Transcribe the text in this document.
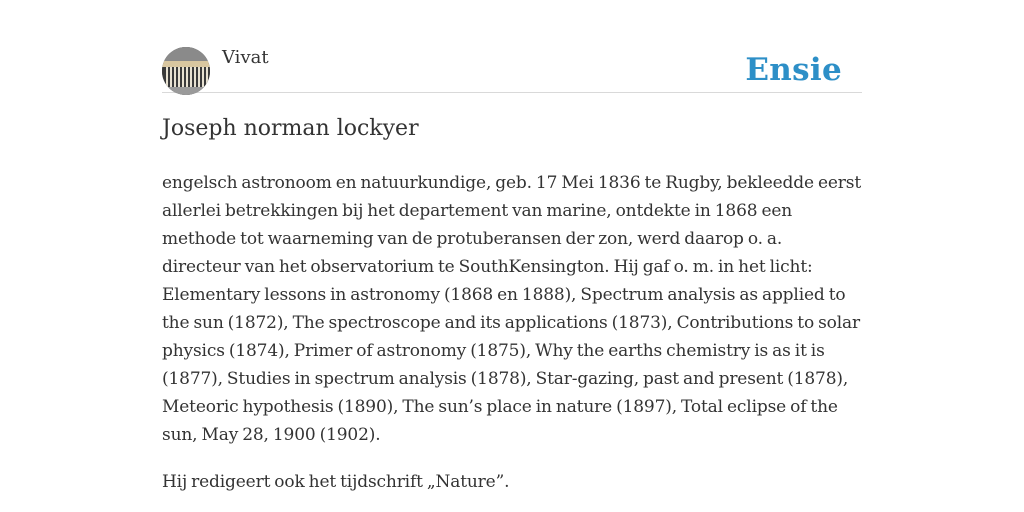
Vivat	Ensie
Joseph norman lockyer

engelsch astronoom en natuurkundige, geb. 17 Mei 1836 te Rugby, bekleedde eerst allerlei betrekkingen bij het departement van marine, ontdekte in 1868 een methode tot waarneming van de protuberansen der zon, werd daarop o. a. directeur van het observatorium te SouthKensington. Hij gaf o. m. in het licht: Elementary lessons in astronomy (1868 en 1888), Spectrum analysis as applied to the sun (1872), The spectroscope and its applications (1873), Contributions to solar physics (1874), Primer of astronomy (1875), Why the earths chemistry is as it is (1877), Studies in spectrum analysis (1878), Star-gazing, past and present (1878), Meteoric hypothesis (1890), The sun’s place in nature (1897), Total eclipse of the sun, May 28, 1900 (1902).

Hij redigeert ook het tijdschrift „Nature”.
